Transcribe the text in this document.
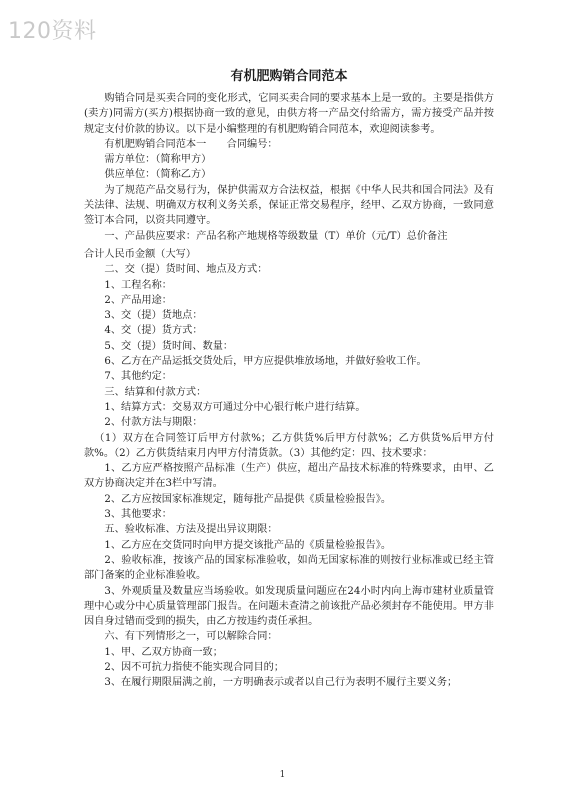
120资料
有机肥购销合同范本

购销合同是买卖合同的变化形式，它同买卖合同的要求基本上是一致的。主要是指供方(卖方)同需方(买方)根据协商一致的意见，由供方将一产品交付给需方，需方接受产品并按规定支付价款的协议。以下是小编整理的有机肥购销合同范本，欢迎阅读参考。

有机肥购销合同范本一　　合同编号：

需方单位：（简称甲方）

供应单位：（简称乙方）

为了规范产品交易行为，保护供需双方合法权益，根据《中华人民共和国合同法》及有关法律、法规、明确双方权利义务关系，保证正常交易程序，经甲、乙双方协商，一致同意签订本合同，以资共同遵守。

一、产品供应要求：产品名称产地规格等级数量（T）单价（元/T）总价备注

合计人民币金额（大写）

二、交（提）货时间、地点及方式：

1、工程名称：

2、产品用途：

3、交（提）货地点：

4、交（提）货方式：

5、交（提）货时间、数量：

6、乙方在产品运抵交货处后，甲方应提供堆放场地，并做好验收工作。

7、其他约定：

三、结算和付款方式：

1、结算方式：交易双方可通过分中心银行帐户进行结算。

2、付款方法与期限：

（1）双方在合同签订后甲方付款%；乙方供货%后甲方付款%；乙方供货%后甲方付款%。（2）乙方供货结束月内甲方付清货款。（3）其他约定：四、技术要求：

1、乙方应严格按照产品标准（生产）供应，超出产品技术标准的特殊要求，由甲、乙双方协商决定并在3栏中写清。

2、乙方应按国家标准规定，随每批产品提供《质量检验报告》。

3、其他要求：

五、验收标准、方法及提出异议期限：

1、乙方应在交货同时向甲方提交该批产品的《质量检验报告》。

2、验收标准，按该产品的国家标准验收，如尚无国家标准的则按行业标准或已经主管部门备案的企业标准验收。

3、外观质量及数量应当场验收。如发现质量问题应在24小时内向上海市建材业质量管理中心或分中心质量管理部门报告。在问题未查清之前该批产品必须封存不能使用。甲方非因自身过错而受到的损失，由乙方按违约责任承担。

六、有下列情形之一，可以解除合同：

1、甲、乙双方协商一致；

2、因不可抗力指使不能实现合同目的；

3、在履行期限届满之前，一方明确表示或者以自己行为表明不履行主要义务；

1
